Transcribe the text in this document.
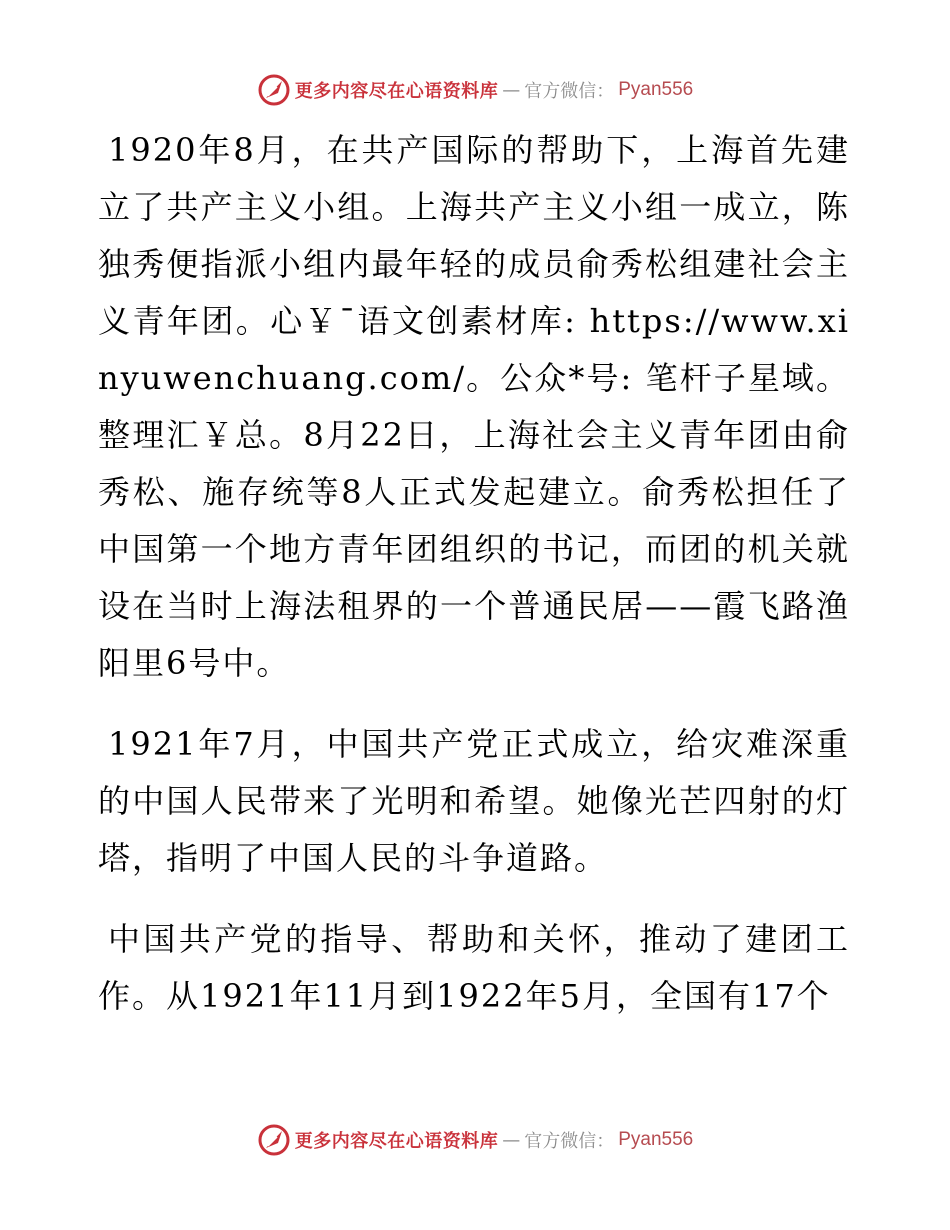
更多内容尽在心语资料库 — 官方微信： Pyan556

1920年8月，在共产国际的帮助下，上海首先建立了共产主义小组。上海共产主义小组一成立，陈独秀便指派小组内最年轻的成员俞秀松组建社会主义青年团。心￥¯语文创素材库: https://www.xinyuwenchuang.com/。公众*号: 笔杆子星域。整理汇￥总。8月22日，上海社会主义青年团由俞秀松、施存统等8人正式发起建立。俞秀松担任了中国第一个地方青年团组织的书记，而团的机关就设在当时上海法租界的一个普通民居——霞飞路渔阳里6号中。

1921年7月，中国共产党正式成立，给灾难深重的中国人民带来了光明和希望。她像光芒四射的灯塔，指明了中国人民的斗争道路。

中国共产党的指导、帮助和关怀，推动了建团工作。从1921年11月到1922年5月，全国有17个

更多内容尽在心语资料库 — 官方微信： Pyan556
